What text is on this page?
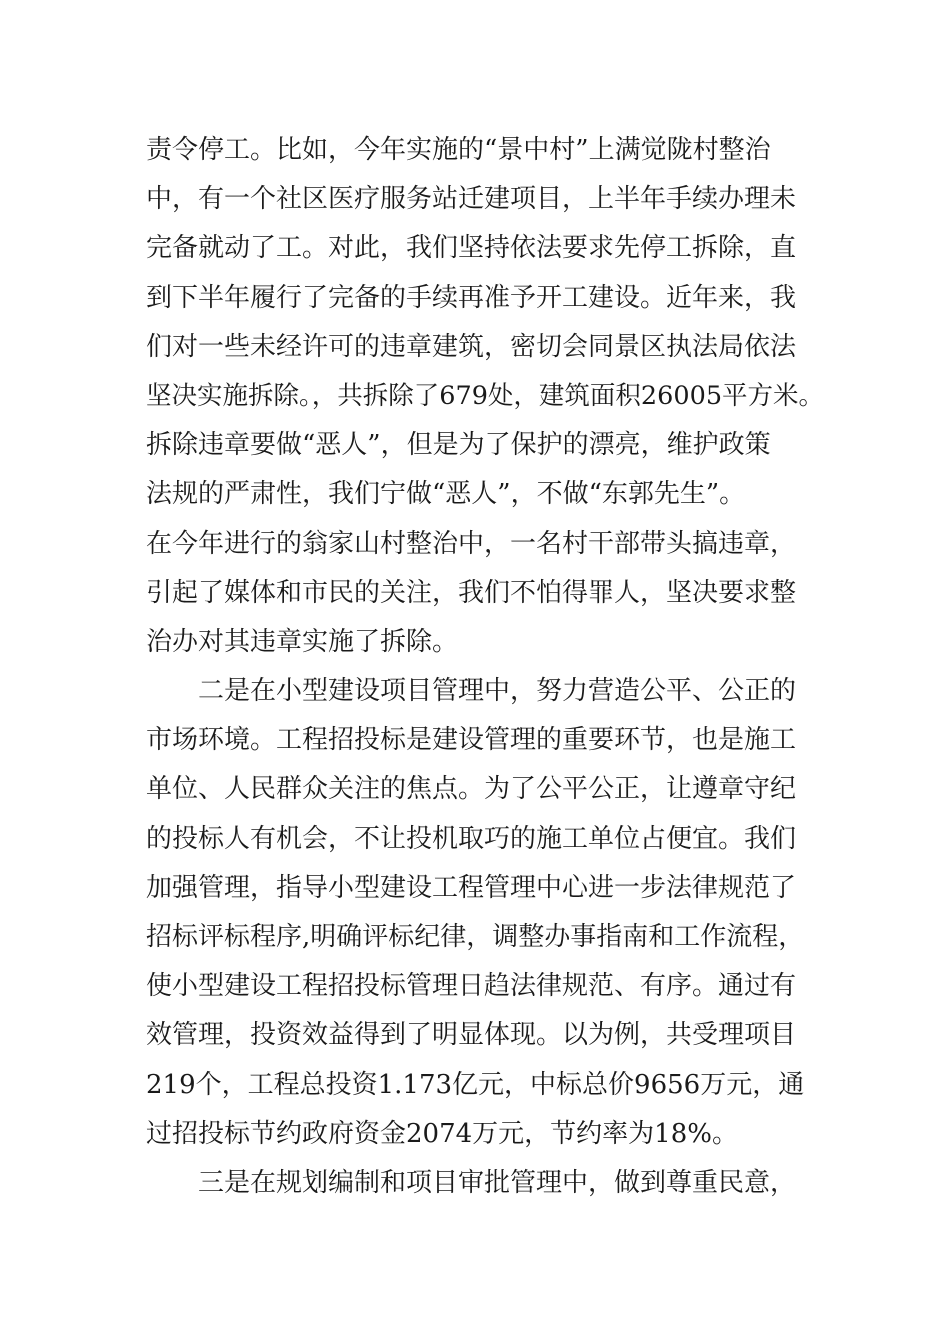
责令停工。比如，今年实施的“景中村”上满觉陇村整治
中，有一个社区医疗服务站迁建项目，上半年手续办理未
完备就动了工。对此，我们坚持依法要求先停工拆除，直
到下半年履行了完备的手续再准予开工建设。近年来，我
们对一些未经许可的违章建筑，密切会同景区执法局依法
坚决实施拆除。，共拆除了679处，建筑面积26005平方米。
拆除违章要做“恶人”，但是为了保护的漂亮，维护政策
法规的严肃性，我们宁做“恶人”，不做“东郭先生”。
在今年进行的翁家山村整治中，一名村干部带头搞违章，
引起了媒体和市民的关注，我们不怕得罪人，坚决要求整
治办对其违章实施了拆除。
二是在小型建设项目管理中，努力营造公平、公正的
市场环境。工程招投标是建设管理的重要环节，也是施工
单位、人民群众关注的焦点。为了公平公正，让遵章守纪
的投标人有机会，不让投机取巧的施工单位占便宜。我们
加强管理，指导小型建设工程管理中心进一步法律规范了
招标评标程序,明确评标纪律，调整办事指南和工作流程，
使小型建设工程招投标管理日趋法律规范、有序。通过有
效管理，投资效益得到了明显体现。以为例，共受理项目
219个，工程总投资1.173亿元，中标总价9656万元，通
过招投标节约政府资金2074万元，节约率为18%。
三是在规划编制和项目审批管理中，做到尊重民意，
